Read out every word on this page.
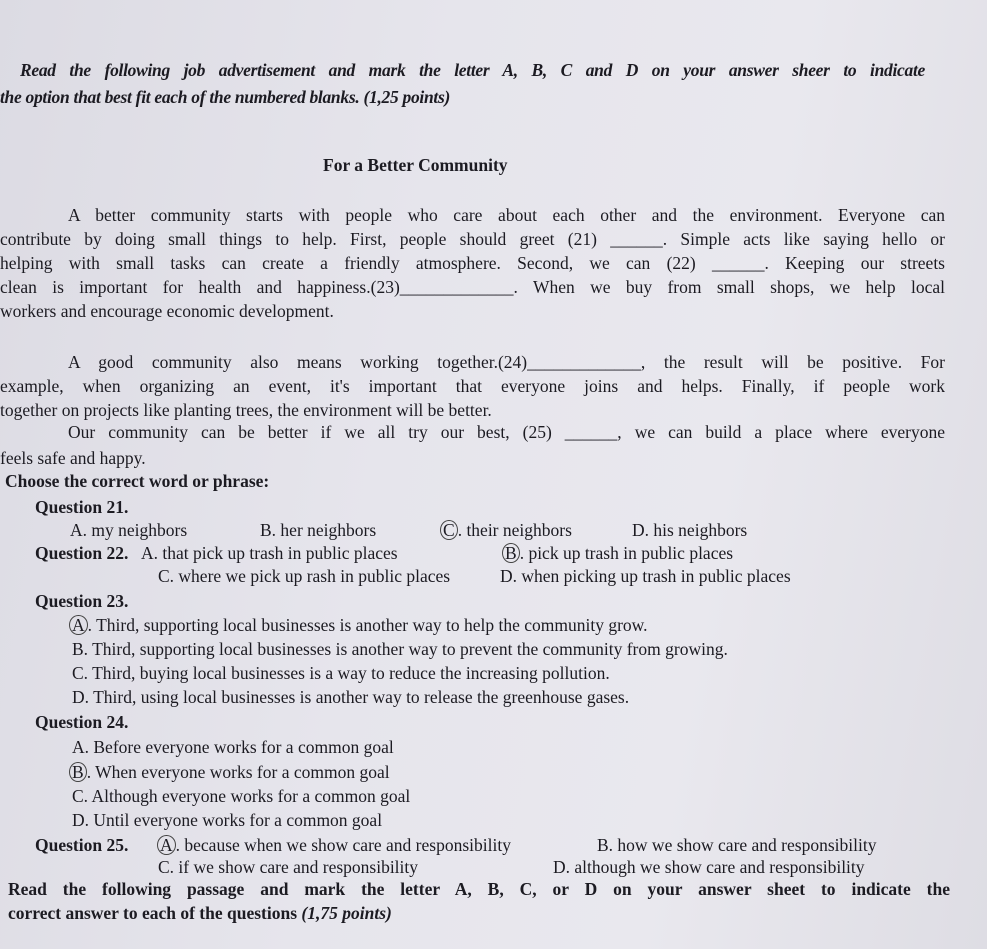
Read the following job advertisement and mark the letter A, B, C and D on your answer sheer to indicate
the option that best fit each of the numbered blanks. (1,25 points)
For a Better Community
A better community starts with people who care about each other and the environment. Everyone can
contribute by doing small things to help. First, people should greet (21) ______. Simple acts like saying hello or
helping with small tasks can create a friendly atmosphere. Second, we can (22) ______. Keeping our streets
clean is important for health and happiness.(23)_____________. When we buy from small shops, we help local
workers and encourage economic development.
A good community also means working together.(24)_____________, the result will be positive. For
example, when organizing an event, it's important that everyone joins and helps. Finally, if people work
together on projects like planting trees, the environment will be better.
Our community can be better if we all try our best, (25) ______, we can build a place where everyone
feels safe and happy.
Choose the correct word or phrase:
Question 21.
A. my neighbors	B. her neighbors	C . their neighbors	D. his neighbors
Question 22. A. that pick up trash in public places	B . pick up trash in public places
C. where we pick up rash in public places	D. when picking up trash in public places
Question 23.
A . Third, supporting local businesses is another way to help the community grow.
B. Third, supporting local businesses is another way to prevent the community from growing.
C. Third, buying local businesses is a way to reduce the increasing pollution.
D. Third, using local businesses is another way to release the greenhouse gases.
Question 24.
A. Before everyone works for a common goal
B . When everyone works for a common goal
C. Although everyone works for a common goal
D. Until everyone works for a common goal
Question 25. A . because when we show care and responsibility	B. how we show care and responsibility
C. if we show care and responsibility	D. although we show care and responsibility
Read the following passage and mark the letter A, B, C, or D on your answer sheet to indicate the
correct answer to each of the questions (1,75 points)
